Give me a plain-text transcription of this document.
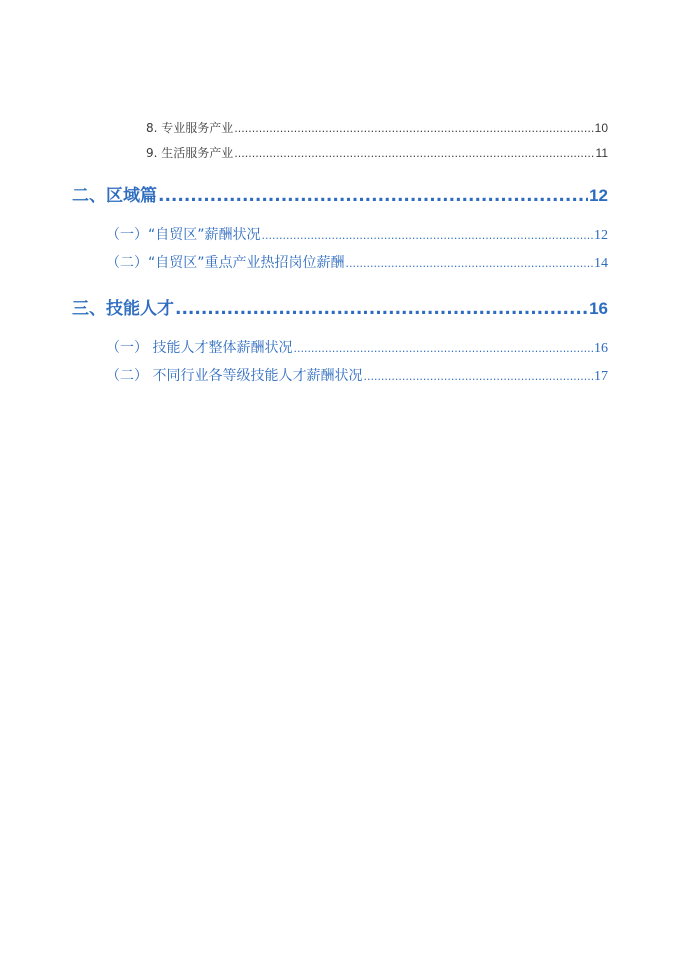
8. 专业服务产业 .....	10
9. 生活服务产业 .....	11
二、区域篇 .....	12
（一）“自贸区”薪酬状况 .....	12
（二）“自贸区”重点产业热招岗位薪酬 .....	14
三、技能人才 .....	16
（一） 技能人才整体薪酬状况 .....	16
（二） 不同行业各等级技能人才薪酬状况 .....	17
